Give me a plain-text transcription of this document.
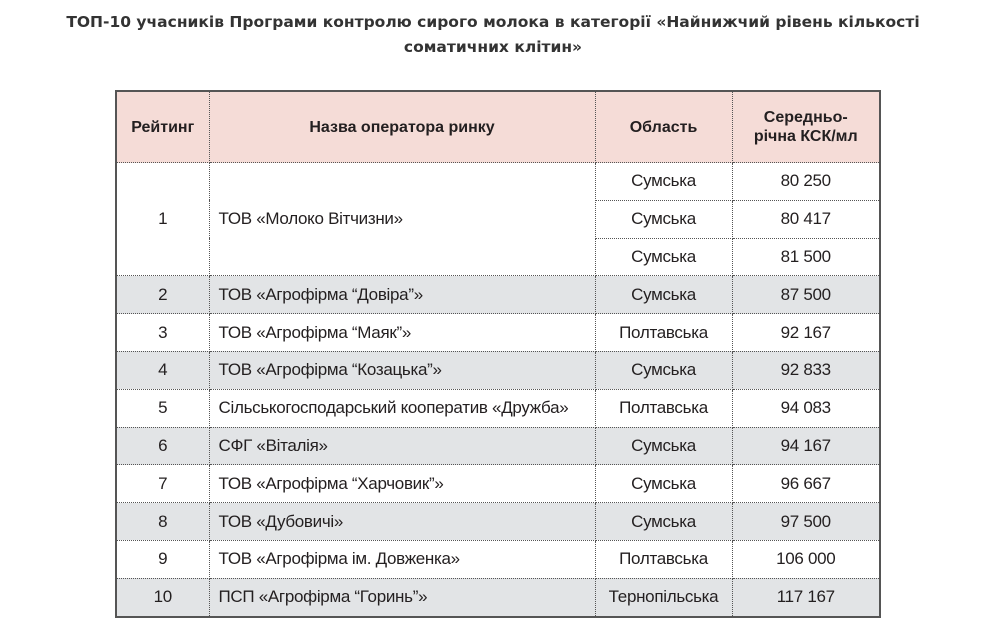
ТОП-10 учасників Програми контролю сирого молока в категорії «Найнижчий рівень кількості
соматичних клітин»
Рейтинг	Назва оператора ринку	Область	Середньо-
річна КСК/мл
1	ТОВ «Молоко Вітчизни»	Сумська	80 250
		Сумська	80 417
		Сумська	81 500
2	ТОВ «Агрофірма “Довіра”»	Сумська	87 500
3	ТОВ «Агрофірма “Маяк”»	Полтавська	92 167
4	ТОВ «Агрофірма “Козацька”»	Сумська	92 833
5	Сільськогосподарський кооператив «Дружба»	Полтавська	94 083
6	СФГ «Віталія»	Сумська	94 167
7	ТОВ «Агрофірма “Харчовик”»	Сумська	96 667
8	ТОВ «Дубовичі»	Сумська	97 500
9	ТОВ «Агрофірма ім. Довженка»	Полтавська	106 000
10	ПСП «Агрофірма “Горинь”»	Тернопільська	117 167
